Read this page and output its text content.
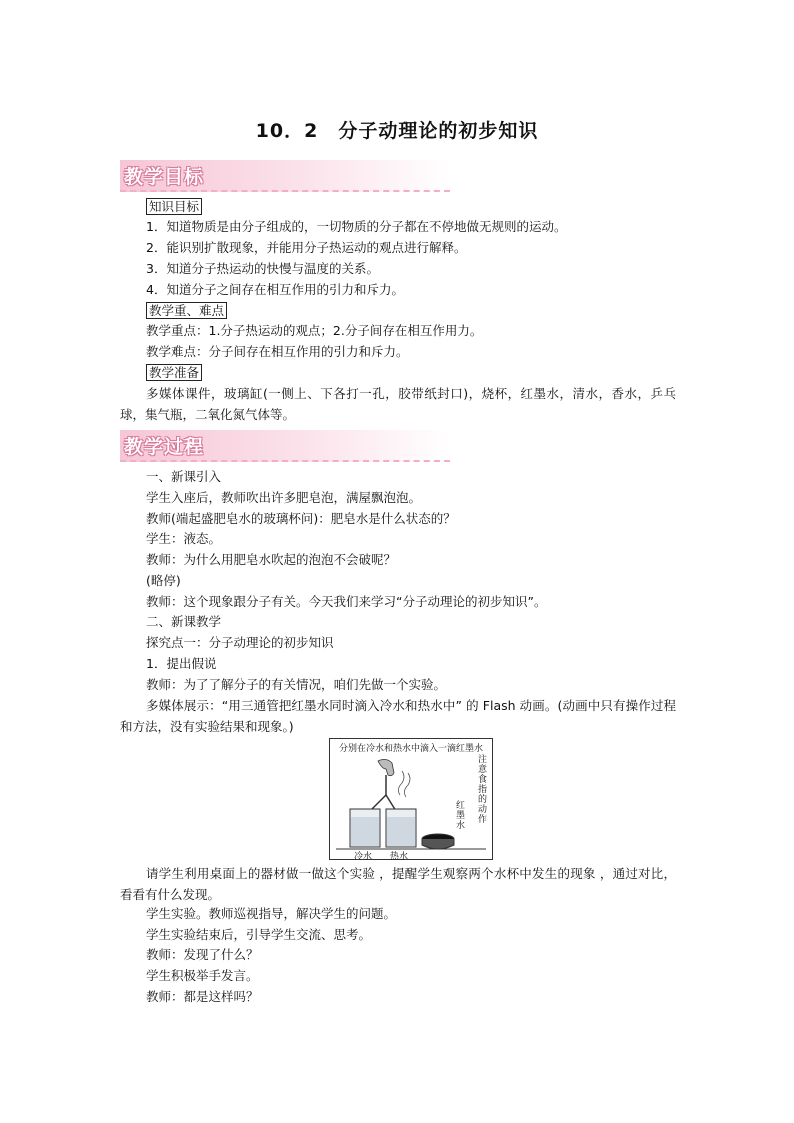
10．2　分子动理论的初步知识
教学目标
知识目标
1．知道物质是由分子组成的，一切物质的分子都在不停地做无规则的运动。
2．能识别扩散现象，并能用分子热运动的观点进行解释。
3．知道分子热运动的快慢与温度的关系。
4．知道分子之间存在相互作用的引力和斥力。
教学重、难点
教学重点：1.分子热运动的观点；2.分子间存在相互作用力。
教学难点：分子间存在相互作用的引力和斥力。
教学准备
多媒体课件，玻璃缸(一侧上、下各打一孔，胶带纸封口)，烧杯，红墨水，清水，香水，乒乓球，集气瓶，二氧化氮气体等。
教学过程
一、新课引入
学生入座后，教师吹出许多肥皂泡，满屋飘泡泡。
教师(端起盛肥皂水的玻璃杯问)：肥皂水是什么状态的？
学生：液态。
教师：为什么用肥皂水吹起的泡泡不会破呢？
(略停)
教师：这个现象跟分子有关。今天我们来学习“分子动理论的初步知识”。
二、新课教学
探究点一：分子动理论的初步知识
1．提出假说
教师：为了了解分子的有关情况，咱们先做一个实验。
多媒体展示：“用三通管把红墨水同时滴入冷水和热水中” 的 Flash 动画。(动画中只有操作过程和方法，没有实验结果和现象。)
分别在冷水和热水中滴入一滴红墨水
注意食指的动作
红墨水
冷水 热水
请学生利用桌面上的器材做一做这个实验 ，提醒学生观察两个水杯中发生的现象 ，通过对比，看看有什么发现。
学生实验。教师巡视指导，解决学生的问题。
学生实验结束后，引导学生交流、思考。
教师：发现了什么？
学生积极举手发言。
教师：都是这样吗？
